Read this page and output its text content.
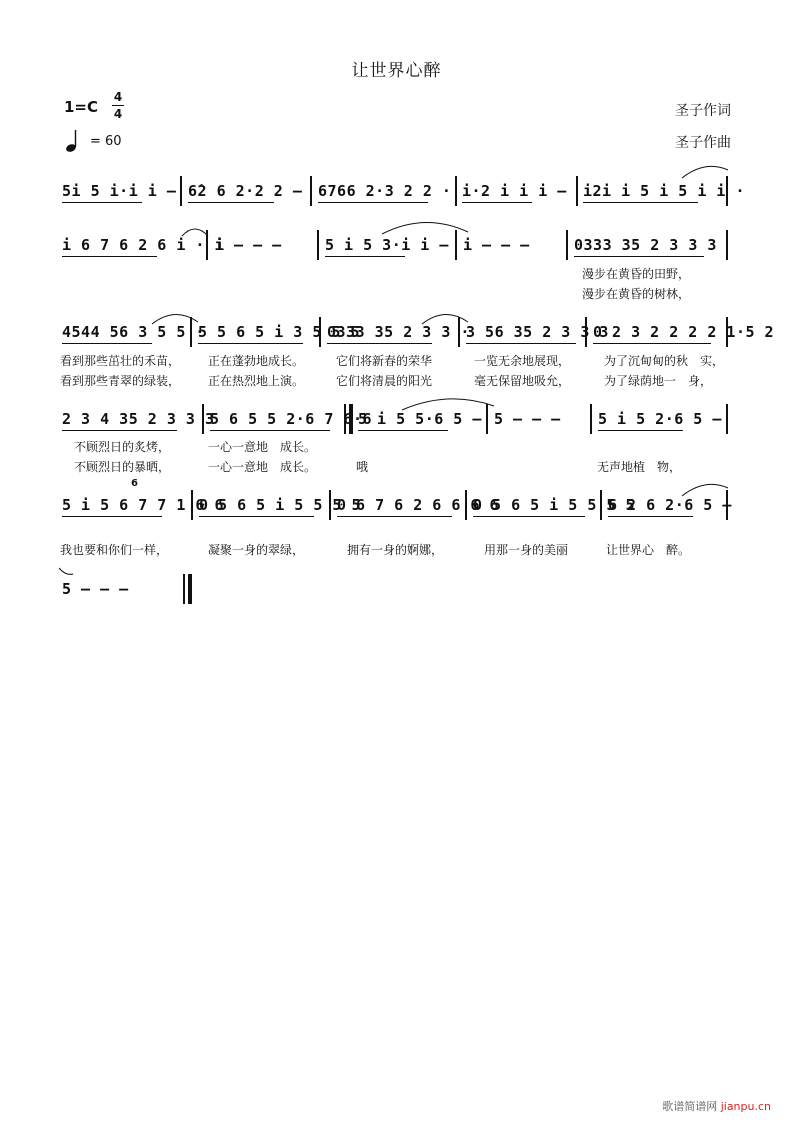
让世界心醉
1=C
4
4
= 60
圣子作词
圣子作曲
5i 5 i·i i – 6̇2 6 2·2 2 – 6766 2·3 2 2 · i·2 i i i – i2i i 5 i 5 i i ·
i 6 7 6 2 6 i · i
i – – –	5 i 5 3·i i – i – – –	0333 35 2 3 3 3
漫步在黄昏的田野，
漫步在黄昏的树林，
4544 56 3 5 5 ·
5 5 6 5 i 3 5 5 5
0333 35 2 3 3 ·
3 56 35 2 3 3 3
0 2 3 2 2 2 2 1·5 2
看到那些茁壮的禾苗， 正在蓬勃地成长。	它们将新春的荣华	一览无余地展现，	为了沉甸甸的秋　实，
看到那些青翠的绿装， 正在热烈地上演。	它们将清晨的阳光	毫无保留地吸允，	为了绿荫地一　身，
2 3 4 35 2 3 3 3
5 6 5 5 2·6 7 6·6
5 i 5 5·6 5 – 5 – – – 5 i 5 2·6 5 –
不顾烈日的炙烤，	一心一意地　成长。
不顾烈日的暴晒，	一心一意地　成长。	哦	无声地植　物，
6
5 i 5 6 7 7 1 6 6
0 5 6 5 i 5 5 5 5
0 6 7 6 2 6 6 6 6
0 5 6 5 i 5 5 5 5
6 2 6 2·6 5 –
我也要和你们一样，	凝聚一身的翠绿，	拥有一身的婀娜，	用那一身的美丽	让世界心　醉。
5 – – –
歌谱简谱网 jianpu.cn
